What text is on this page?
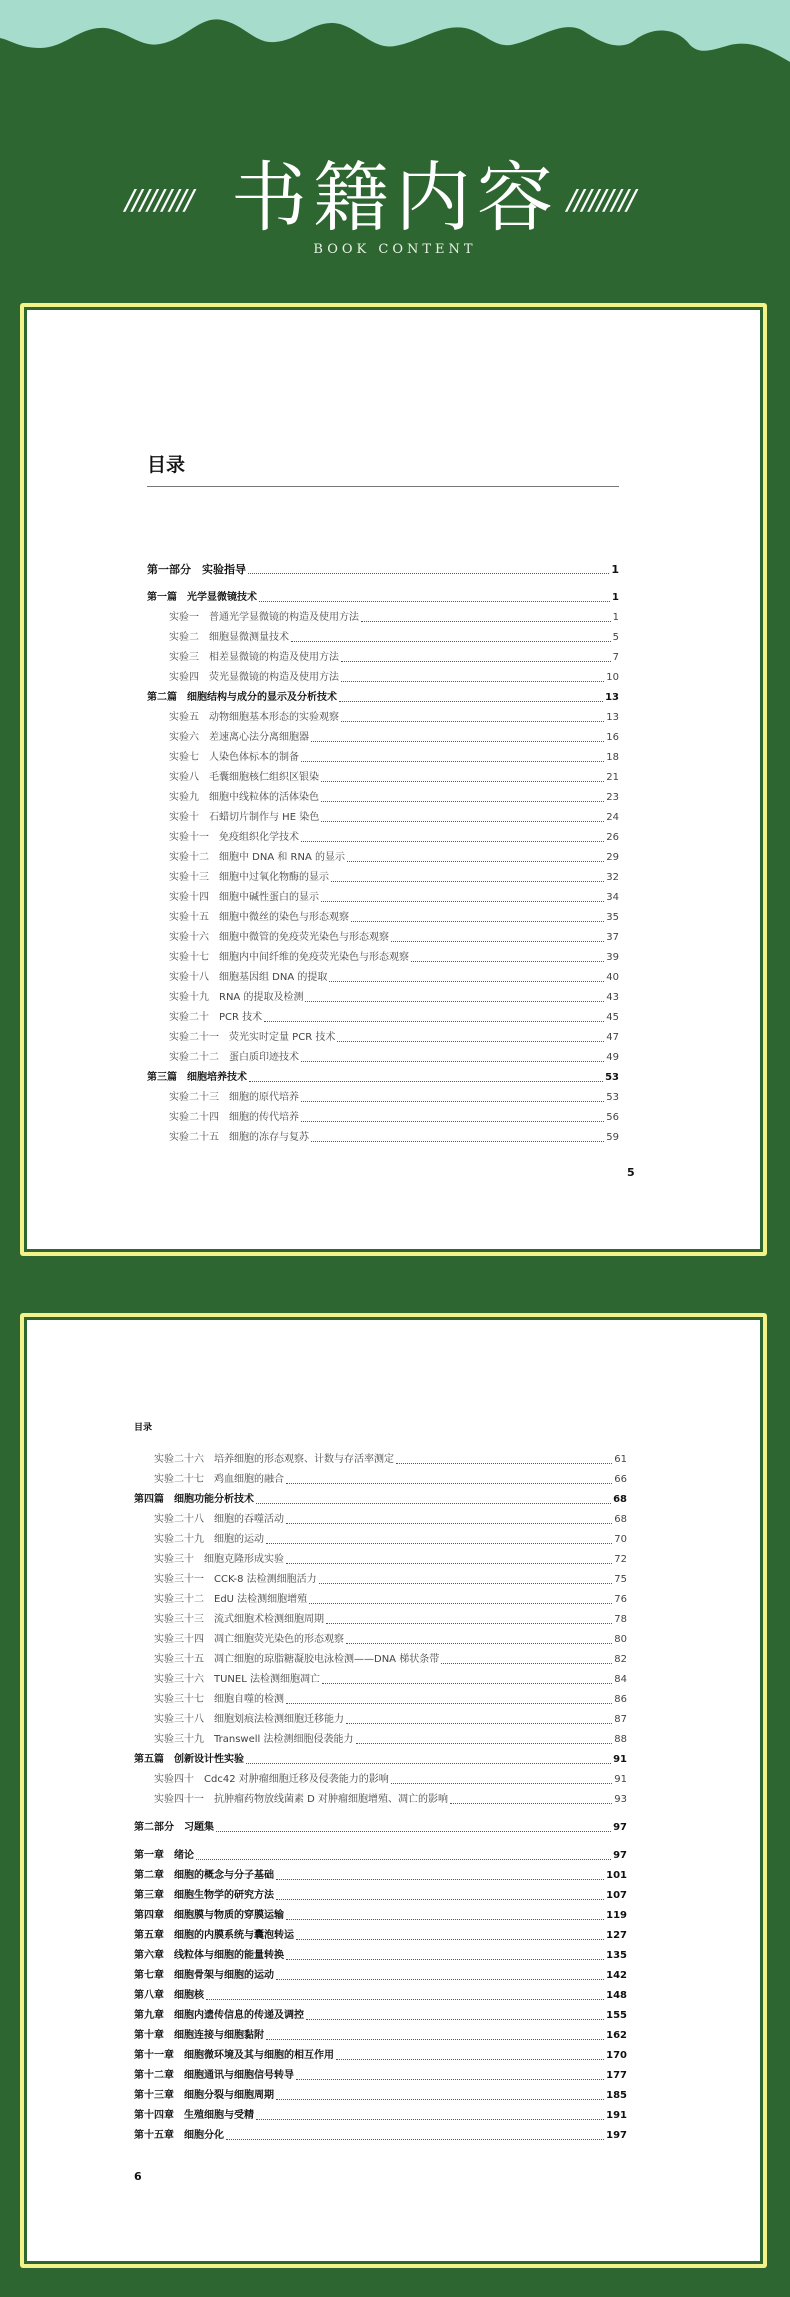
/////////	/////////
书籍内容
BOOK CONTENT
目录
第一部分　实验指导	1
第一篇　光学显微镜技术	1
实验一　普通光学显微镜的构造及使用方法	1
实验二　细胞显微测量技术	5
实验三　相差显微镜的构造及使用方法	7
实验四　荧光显微镜的构造及使用方法	10
第二篇　细胞结构与成分的显示及分析技术	13
实验五　动物细胞基本形态的实验观察	13
实验六　差速离心法分离细胞器	16
实验七　人染色体标本的制备	18
实验八　毛囊细胞核仁组织区银染	21
实验九　细胞中线粒体的活体染色	23
实验十　石蜡切片制作与 HE 染色	24
实验十一　免疫组织化学技术	26
实验十二　细胞中 DNA 和 RNA 的显示	29
实验十三　细胞中过氧化物酶的显示	32
实验十四　细胞中碱性蛋白的显示	34
实验十五　细胞中微丝的染色与形态观察	35
实验十六　细胞中微管的免疫荧光染色与形态观察	37
实验十七　细胞内中间纤维的免疫荧光染色与形态观察	39
实验十八　细胞基因组 DNA 的提取	40
实验十九　RNA 的提取及检测	43
实验二十　PCR 技术	45
实验二十一　荧光实时定量 PCR 技术	47
实验二十二　蛋白质印迹技术	49
第三篇　细胞培养技术	53
实验二十三　细胞的原代培养	53
实验二十四　细胞的传代培养	56
实验二十五　细胞的冻存与复苏	59
5
目录
实验二十六　培养细胞的形态观察、计数与存活率测定	61
实验二十七　鸡血细胞的融合	66
第四篇　细胞功能分析技术	68
实验二十八　细胞的吞噬活动	68
实验二十九　细胞的运动	70
实验三十　细胞克隆形成实验	72
实验三十一　CCK-8 法检测细胞活力	75
实验三十二　EdU 法检测细胞增殖	76
实验三十三　流式细胞术检测细胞周期	78
实验三十四　凋亡细胞荧光染色的形态观察	80
实验三十五　凋亡细胞的琼脂糖凝胶电泳检测——DNA 梯状条带	82
实验三十六　TUNEL 法检测细胞凋亡	84
实验三十七　细胞自噬的检测	86
实验三十八　细胞划痕法检测细胞迁移能力	87
实验三十九　Transwell 法检测细胞侵袭能力	88
第五篇　创新设计性实验	91
实验四十　Cdc42 对肿瘤细胞迁移及侵袭能力的影响	91
实验四十一　抗肿瘤药物放线菌素 D 对肿瘤细胞增殖、凋亡的影响	93
第二部分　习题集	97
第一章　绪论	97
第二章　细胞的概念与分子基础	101
第三章　细胞生物学的研究方法	107
第四章　细胞膜与物质的穿膜运输	119
第五章　细胞的内膜系统与囊泡转运	127
第六章　线粒体与细胞的能量转换	135
第七章　细胞骨架与细胞的运动	142
第八章　细胞核	148
第九章　细胞内遗传信息的传递及调控	155
第十章　细胞连接与细胞黏附	162
第十一章　细胞微环境及其与细胞的相互作用	170
第十二章　细胞通讯与细胞信号转导	177
第十三章　细胞分裂与细胞周期	185
第十四章　生殖细胞与受精	191
第十五章　细胞分化	197
6
